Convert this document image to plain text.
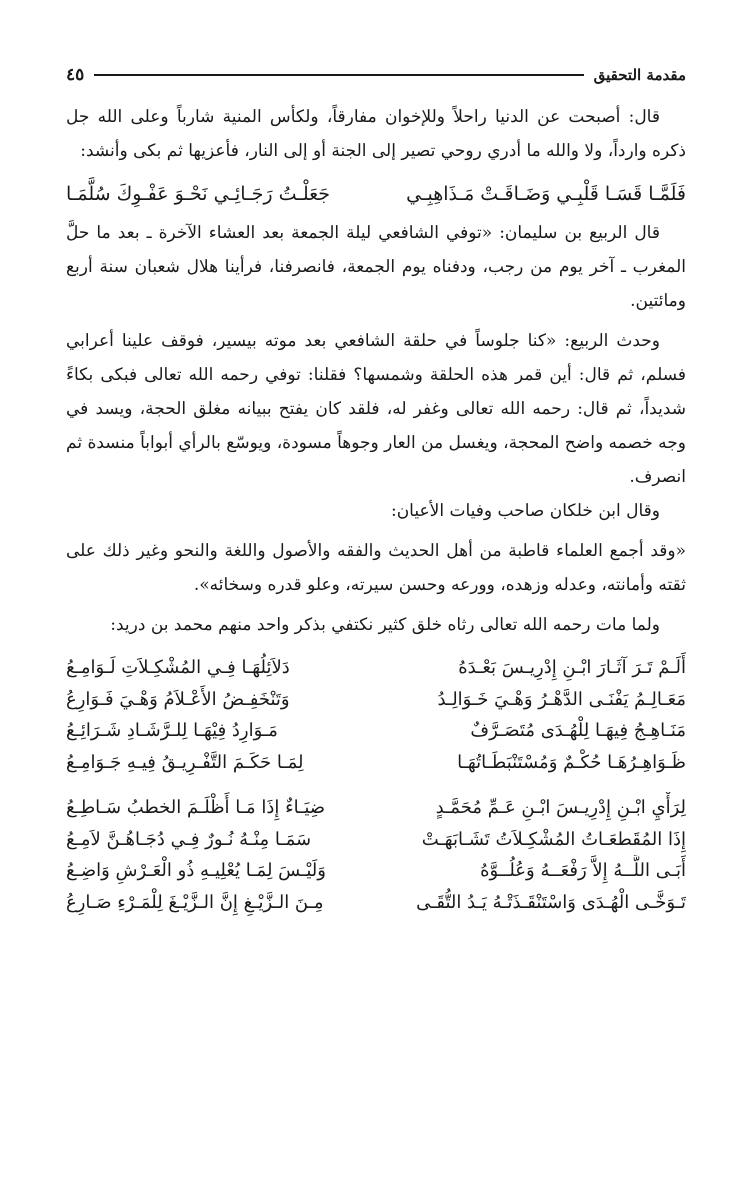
مقدمة التحقيق
٤٥

قال: أصبحت عن الدنيا راحلاً وللإخوان مفارقاً، ولكأس المنية شارباً وعلى الله جل ذكره وارداً، ولا والله ما أدري روحي تصير إلى الجنة أو إلى النار، فأعزيها ثم بكى وأنشد:

فَلَمَّـا قَسَـا قَلْبِـي وَضَـاقَـتْ مَـذَاهِبِـي
جَعَلْـتُ رَجَـائِـي نَحْـوَ عَفْـوِكَ سُلَّمَـا

قال الربيع بن سليمان: «توفي الشافعي ليلة الجمعة بعد العشاء الآخرة ـ بعد ما حلَّ المغرب ـ آخر يوم من رجب، ودفناه يوم الجمعة، فانصرفنا، فرأينا هلال شعبان سنة أربع ومائتين.

وحدث الربيع: «كنا جلوساً في حلقة الشافعي بعد موته بيسير، فوقف علينا أعرابي فسلم، ثم قال: أين قمر هذه الحلقة وشمسها؟ فقلنا: توفي رحمه الله تعالى فبكى بكاءً شديداً، ثم قال: رحمه الله تعالى وغفر له، فلقد كان يفتح ببيانه مغلق الحجة، ويسد في وجه خصمه واضح المحجة، ويغسل من العار وجوهاً مسودة، ويوسّع بالرأي أبواباً منسدة ثم انصرف.

وقال ابن خلكان صاحب وفيات الأعيان:

«وقد أجمع العلماء قاطبة من أهل الحديث والفقه والأصول واللغة والنحو وغير ذلك على ثقته وأمانته، وعدله وزهده، وورعه وحسن سيرته، وعلو قدره وسخائه».

ولما مات رحمه الله تعالى رثاه خلق كثير نكتفي بذكر واحد منهم محمد بن دريد:

أَلَـمْ تَـرَ آثَـارَ ابْـنِ إِدْرِيـسَ بَعْـدَهُ
دَلاَئِلُهَـا فِـي المُشْكِـلاَتِ لَـوَامِـعُ
مَعَـالِـمُ يَفْنَـى الدَّهْـرُ وَهْـيَ خَـوَالِـدُ
وَتَنْخَفِـضُ الأَعْـلاَمُ وَهْـيَ فَـوَارِعُ
مَنَـاهِـجُ فِيهَـا لِلْهُـدَى مُتَصَـرَّفٌ
مَـوَارِدُ فِيْهَـا لِلـرَّشَـادِ شَـرَائِـعُ
ظَـوَاهِـرُهَـا حُكْـمٌ وَمُسْتَنْبَطَـاتُهَـا
لِمَـا حَكَـمَ التَّفْـرِيـقُ فِيـهِ جَـوَامِـعُ
لِرَأْيِ ابْـنِ إِدْرِيـسَ ابْـنِ عَـمِّ مُحَمَّـدٍ
ضِيَـاءٌ إِذَا مَـا أَظْلَـمَ الخطبُ سَـاطِـعُ
إِذَا المُقَطعَـاتُ المُشْكِـلاَتُ تَشَـابَهَـتْ
سَمَـا مِنْـهُ نُـورٌ فِـي دُجَـاهُـنَّ لاَمِـعُ
أَبَـى اللَّــهُ إِلاَّ رَفْعَــهُ وَعُلُــوَّهُ
وَلَيْـسَ لِمَـا يُعْلِيـهِ ذُو الْعَـرْشِ وَاضِـعُ
تَـوَخَّـى الْهُـدَى وَاسْتَنْقَـذَتْـهُ يَـدُ التُّقَـى
مِـنَ الـزَّيْـغِ إِنَّ الـزَّيْـغَ لِلْمَـرْءِ صَـارِعُ
